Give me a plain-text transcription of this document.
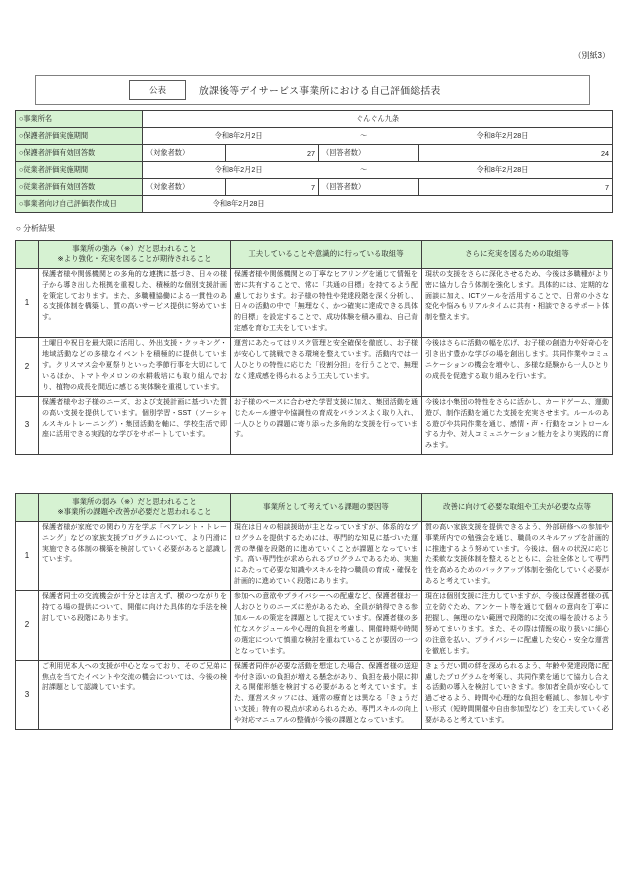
（別紙3）
公表	放課後等デイサービス事業所における自己評価総括表
○事業所名	ぐんぐん九条			
○保護者評価実施期間	令和8年2月2日 ～ 令和8年2月28日			

○保護者評価有効回答数	（対象者数）	27	（回答者数）	24
○従業者評価実施期間	令和8年2月2日 ～ 令和8年2月28日			

○従業者評価有効回答数	（対象者数）	7	（回答者数）	7
○事業者向け自己評価表作成日	令和8年2月28日			
○ 分析結果

	事業所の強み（※）だと思われること
※より強化・充実を図ることが期待されること	工夫していることや意識的に行っている取組等	さらに充実を図るための取組等
1	保護者様や関係機関との多角的な連携に基づき、日々の様子から導き出した根拠を重視した、積極的な個別支援計画を策定しております。また、多職種協働による一貫性のある支援体制を構築し、質の高いサービス提供に努めています。	保護者様や関係機関との丁寧なヒアリングを通じて情報を密に共有することで、常に「共通の目標」を持てるよう配慮しております。お子様の特性や発達段階を深く分析し、日々の活動の中で「無理なく、かつ確実に達成できる具体的目標」を設定することで、成功体験を積み重ね、自己肯定感を育む工夫をしています。	現状の支援をさらに深化させるため、今後は多職種がより密に協力し合う体制を強化します。具体的には、定期的な面談に加え、ICTツールを活用することで、日常の小さな変化や悩みもリアルタイムに共有・相談できるサポート体制を整えます。
2	土曜日や祝日を最大限に活用し、外出支援・クッキング・地域活動などの多様なイベントを積極的に提供しています。クリスマス会や夏祭りといった季節行事を大切にしているほか、トマトやメロンの水耕栽培にも取り組んでおり、植物の成長を間近に感じる実体験を重視しています。	運営にあたってはリスク管理と安全確保を徹底し、お子様が安心して挑戦できる環境を整えています。活動内では一人ひとりの特性に応じた「役割分担」を行うことで、無理なく達成感を得られるよう工夫しています。	今後はさらに活動の幅を広げ、お子様の創造力や好奇心を引き出す豊かな学びの場を創出します。共同作業やコミュニケーションの機会を増やし、多様な経験から一人ひとりの成長を促進する取り組みを行います。
3	保護者様やお子様のニーズ、および支援計画に基づいた質の高い支援を提供しています。個別学習・SST（ソーシャルスキルトレーニング）・集団活動を軸に、学校生活で即座に活用できる実践的な学びをサポートしています。	お子様のペースに合わせた学習支援に加え、集団活動を通じたルール遵守や協調性の育成をバランスよく取り入れ、一人ひとりの課題に寄り添った多角的な支援を行っています。	今後は小集団の特性をさらに活かし、カードゲーム、運動遊び、制作活動を通じた支援を充実させます。ルールのある遊びや共同作業を通じ、感情・声・行動をコントロールする力や、対人コミュニケーション能力をより実践的に育みます。

	事業所の弱み（※）だと思われること
※事業所の課題や改善が必要だと思われること	事業所として考えている課題の要因等	改善に向けて必要な取組や工夫が必要な点等
1	保護者様が家庭での関わり方を学ぶ「ペアレント・トレーニング」などの家族支援プログラムについて、より円滑に実施できる体制の構築を検討していく必要があると認識しています。	現在は日々の相談援助が主となっていますが、体系的なプログラムを提供するためには、専門的な知見に基づいた運営の準備を段階的に進めていくことが課題となっています。高い専門性が求められるプログラムであるため、実施にあたって必要な知識やスキルを持つ職員の育成・確保を計画的に進めていく段階にあります。	質の高い家族支援を提供できるよう、外部研修への参加や事業所内での勉強会を通じ、職員のスキルアップを計画的に推進するよう努めています。今後は、個々の状況に応じた柔軟な支援体制を整えるとともに、会社全体として専門性を高めるためのバックアップ体制を強化していく必要があると考えています。
2	保護者同士の交流機会が十分とは言えず、横のつながりを持てる場の提供について、開催に向けた具体的な手法を検討している段階にあります。	参加への意欲やプライバシーへの配慮など、保護者様お一人おひとりのニーズに差があるため、全員が納得できる参加ルールの策定を課題として捉えています。保護者様の多忙なスケジュールや心理的負担を考慮し、開催時期や時間の選定について慎重な検討を重ねていることが要因の一つとなっています。	現在は個別支援に注力していますが、今後は保護者様の孤立を防ぐため、アンケート等を通じて個々の意向を丁寧に把握し、無理のない範囲で段階的に交流の場を設けるよう努めてまいります。また、その際は情報の取り扱いに細心の注意を払い、プライバシーに配慮した安心・安全な運営を徹底します。
3	ご利用児本人への支援が中心となっており、そのご兄弟に焦点を当てたイベントや交流の機会については、今後の検討課題として認識しています。	保護者同伴が必要な活動を想定した場合、保護者様の送迎や付き添いの負担が増える懸念があり、負担を最小限に抑える開催形態を検討する必要があると考えています。また、運営スタッフには、通常の療育とは異なる「きょうだい支援」特有の視点が求められるため、専門スキルの向上や対応マニュアルの整備が今後の課題となっています。	きょうだい間の絆を深められるよう、年齢や発達段階に配慮したプログラムを考案し、共同作業を通じて協力し合える活動の導入を検討していきます。参加者全員が安心して過ごせるよう、時間や心理的な負担を軽減し、参加しやすい形式（短時間開催や自由参加型など）を工夫していく必要があると考えています。
